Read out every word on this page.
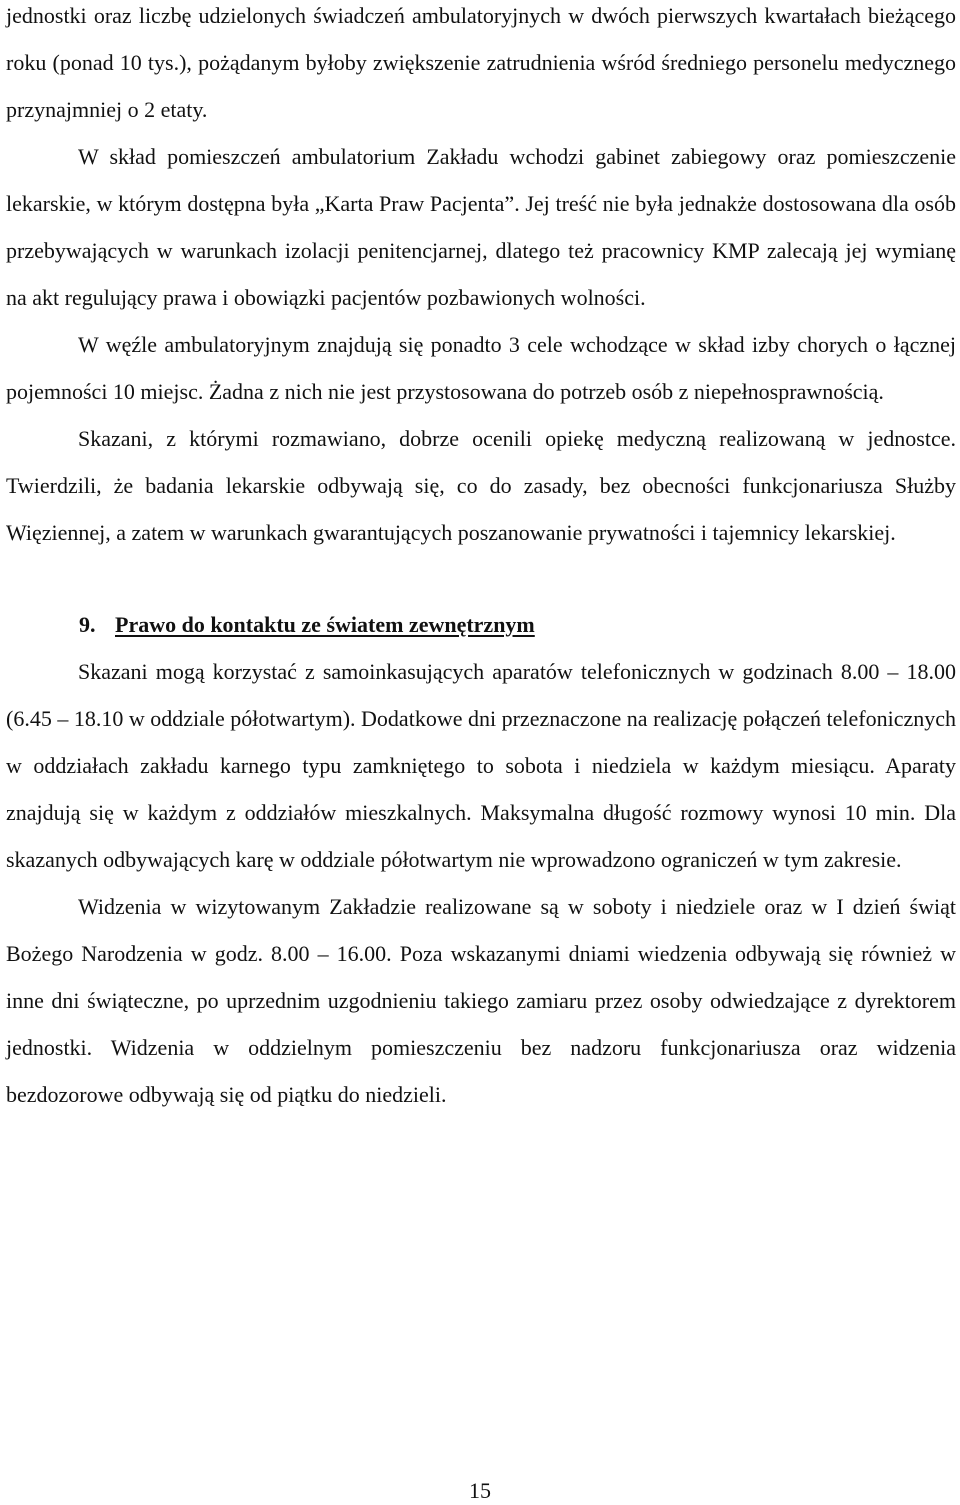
jednostki oraz liczbę udzielonych świadczeń ambulatoryjnych w dwóch pierwszych kwartałach bieżącego roku (ponad 10 tys.), pożądanym byłoby zwiększenie zatrudnienia wśród średniego personelu medycznego przynajmniej o 2 etaty.

W skład pomieszczeń ambulatorium Zakładu wchodzi gabinet zabiegowy oraz pomieszczenie lekarskie, w którym dostępna była „Karta Praw Pacjenta”. Jej treść nie była jednakże dostosowana dla osób przebywających w warunkach izolacji penitencjarnej, dlatego też pracownicy KMP zalecają jej wymianę na akt regulujący prawa i obowiązki pacjentów pozbawionych wolności.

W węźle ambulatoryjnym znajdują się ponadto 3 cele wchodzące w skład izby chorych o łącznej pojemności 10 miejsc. Żadna z nich nie jest przystosowana do potrzeb osób z niepełnosprawnością.

Skazani, z którymi rozmawiano, dobrze ocenili opiekę medyczną realizowaną w jednostce. Twierdzili, że badania lekarskie odbywają się, co do zasady, bez obecności funkcjonariusza Służby Więziennej, a zatem w warunkach gwarantujących poszanowanie prywatności i tajemnicy lekarskiej.

9. Prawo do kontaktu ze światem zewnętrznym

Skazani mogą korzystać z samoinkasujących aparatów telefonicznych w godzinach 8.00 – 18.00 (6.45 – 18.10 w oddziale półotwartym). Dodatkowe dni przeznaczone na realizację połączeń telefonicznych w oddziałach zakładu karnego typu zamkniętego to sobota i niedziela w każdym miesiącu. Aparaty znajdują się w każdym z oddziałów mieszkalnych. Maksymalna długość rozmowy wynosi 10 min. Dla skazanych odbywających karę w oddziale półotwartym nie wprowadzono ograniczeń w tym zakresie.

Widzenia w wizytowanym Zakładzie realizowane są w soboty i niedziele oraz w I dzień świąt Bożego Narodzenia w godz. 8.00 – 16.00. Poza wskazanymi dniami wiedzenia odbywają się również w inne dni świąteczne, po uprzednim uzgodnieniu takiego zamiaru przez osoby odwiedzające z dyrektorem jednostki. Widzenia w oddzielnym pomieszczeniu bez nadzoru funkcjonariusza oraz widzenia bezdozorowe odbywają się od piątku do niedzieli.

15
